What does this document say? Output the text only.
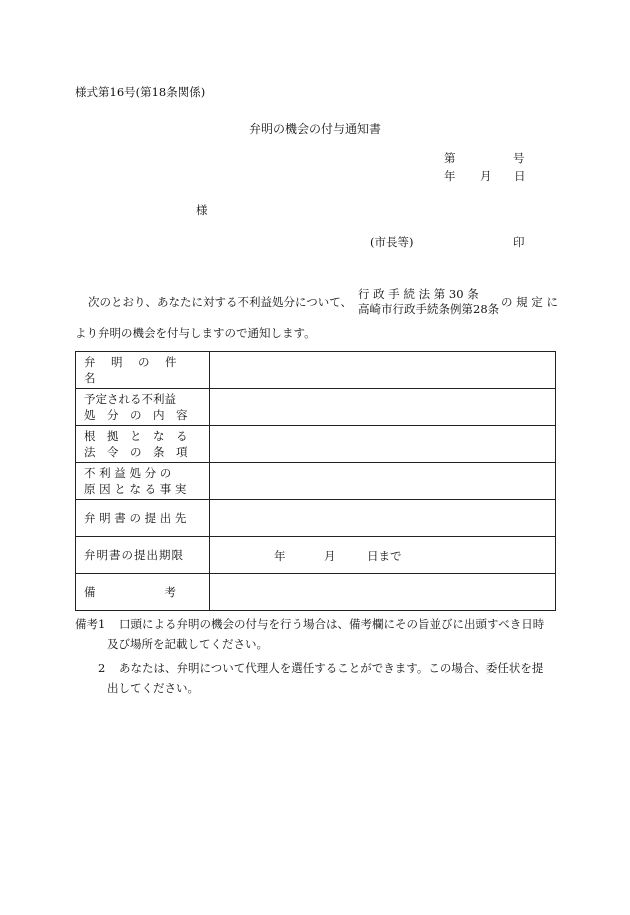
様式第16号(第18条関係)
弁明の機会の付与通知書
第	号
年 月 日
様
(市長等)	印
次のとおり、あなたに対する不利益処分について、
行 政 手 続 法 第 30 条
高崎市行政手続条例第28条 の 規 定 に
より弁明の機会を付与しますので通知します。
弁　明　の　件　名	

予定される不利益
処　分　の　内　容	

根　拠　と　な　る
法　令　の　条　項	

不 利 益 処 分 の
原 因 と な る 事 実	

弁 明 書 の 提 出 先	

弁明書の提出期限	年 月 日まで

備　　　　　　考	

備考1 口頭による弁明の機会の付与を行う場合は、備考欄にその旨並びに出頭すべき日時
及び場所を記載してください。
2 あなたは、弁明について代理人を選任することができます。この場合、委任状を提
出してください。
